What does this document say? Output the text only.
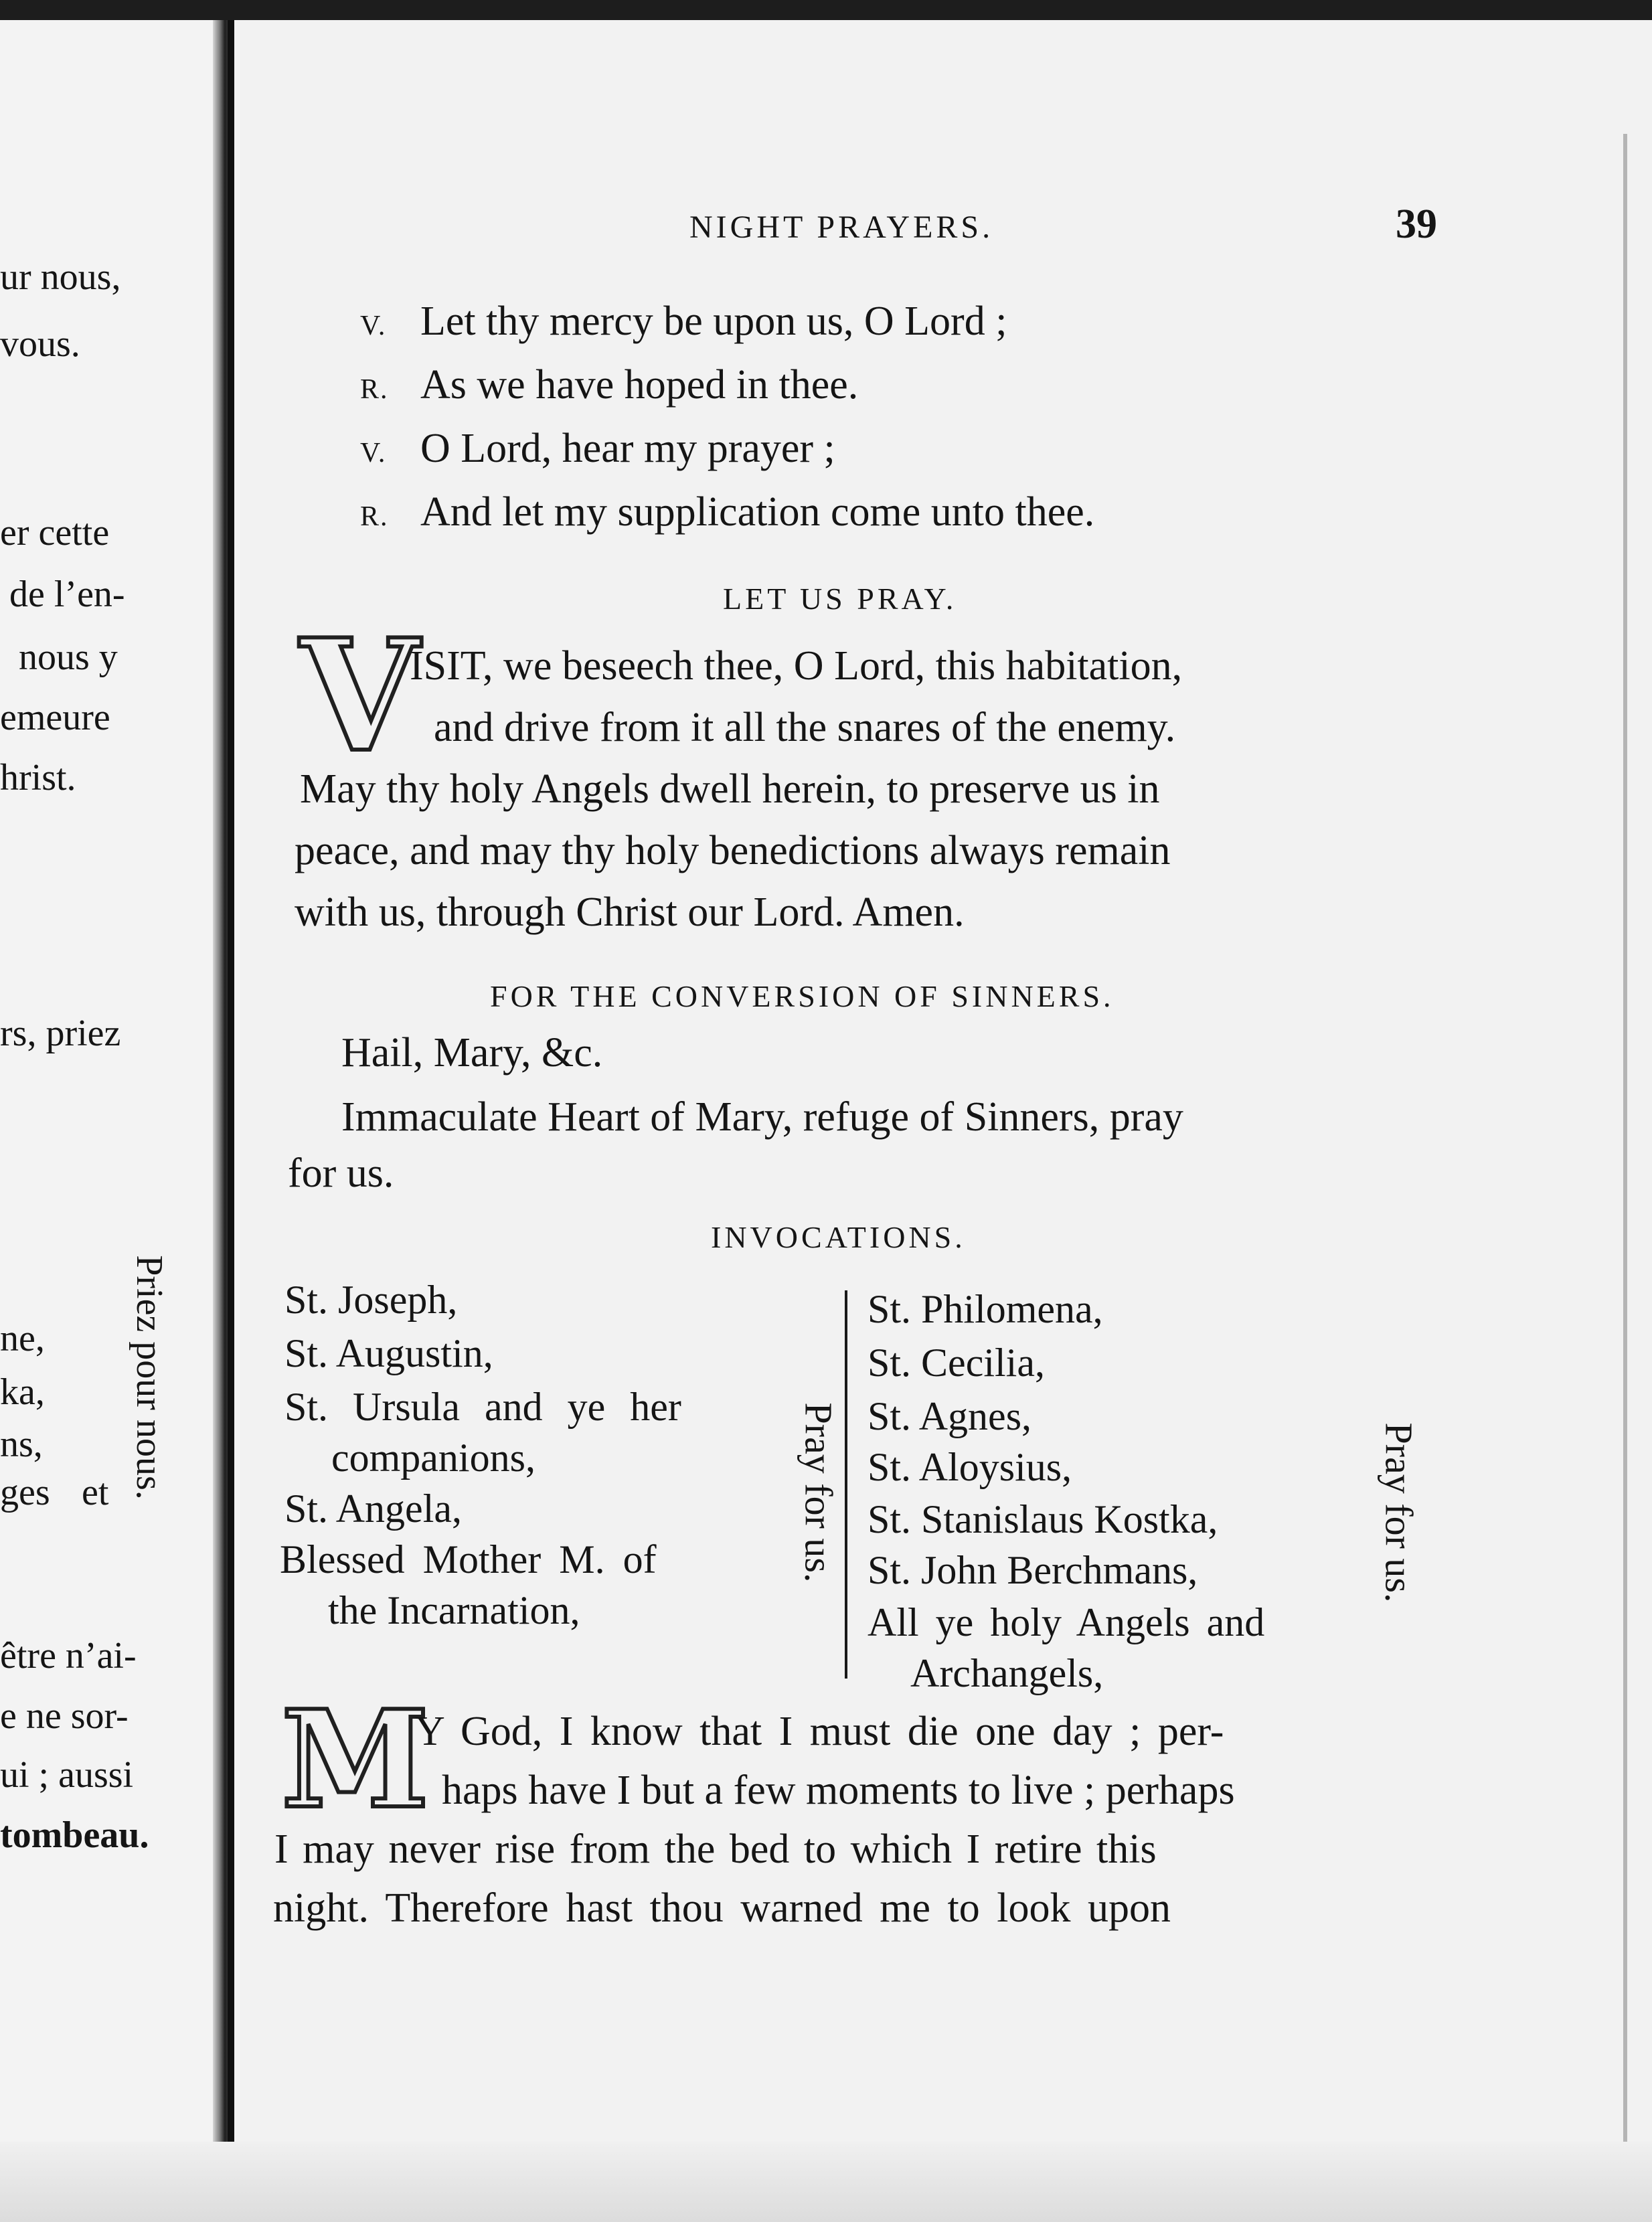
ur nous,
vous.
er cette
de l’en-
nous y
emeure
hrist.
rs, priez
ne,
ka,
ns,
ges et
être n’ai-
e ne sor-
ui ; aussi
tombeau.
Priez pour nous.
NIGHT PRAYERS.	39
V. Let thy mercy be upon us, O Lord ;
R. As we have hoped in thee.
V. O Lord, hear my prayer ;
R. And let my supplication come unto thee.
LET US PRAY.
V
ISIT, we beseech thee, O Lord, this habitation,
and drive from it all the snares of the enemy.
May thy holy Angels dwell herein, to preserve us in
peace, and may thy holy benedictions always remain
with us, through Christ our Lord. Amen.
FOR THE CONVERSION OF SINNERS.
Hail, Mary, &c.
Immaculate Heart of Mary, refuge of Sinners, pray
for us.
INVOCATIONS.
St. Joseph,
St. Augustin,
St. Ursula and ye her
companions,
St. Angela,
Blessed Mother M. of
the Incarnation,
Pray for us.
St. Philomena,
St. Cecilia,
St. Agnes,
St. Aloysius,
St. Stanislaus Kostka,
St. John Berchmans,
All ye holy Angels and
Archangels,
Pray for us.
M
Y God, I know that I must die one day ; per-
haps have I but a few moments to live ; perhaps
I may never rise from the bed to which I retire this
night. Therefore hast thou warned me to look upon
